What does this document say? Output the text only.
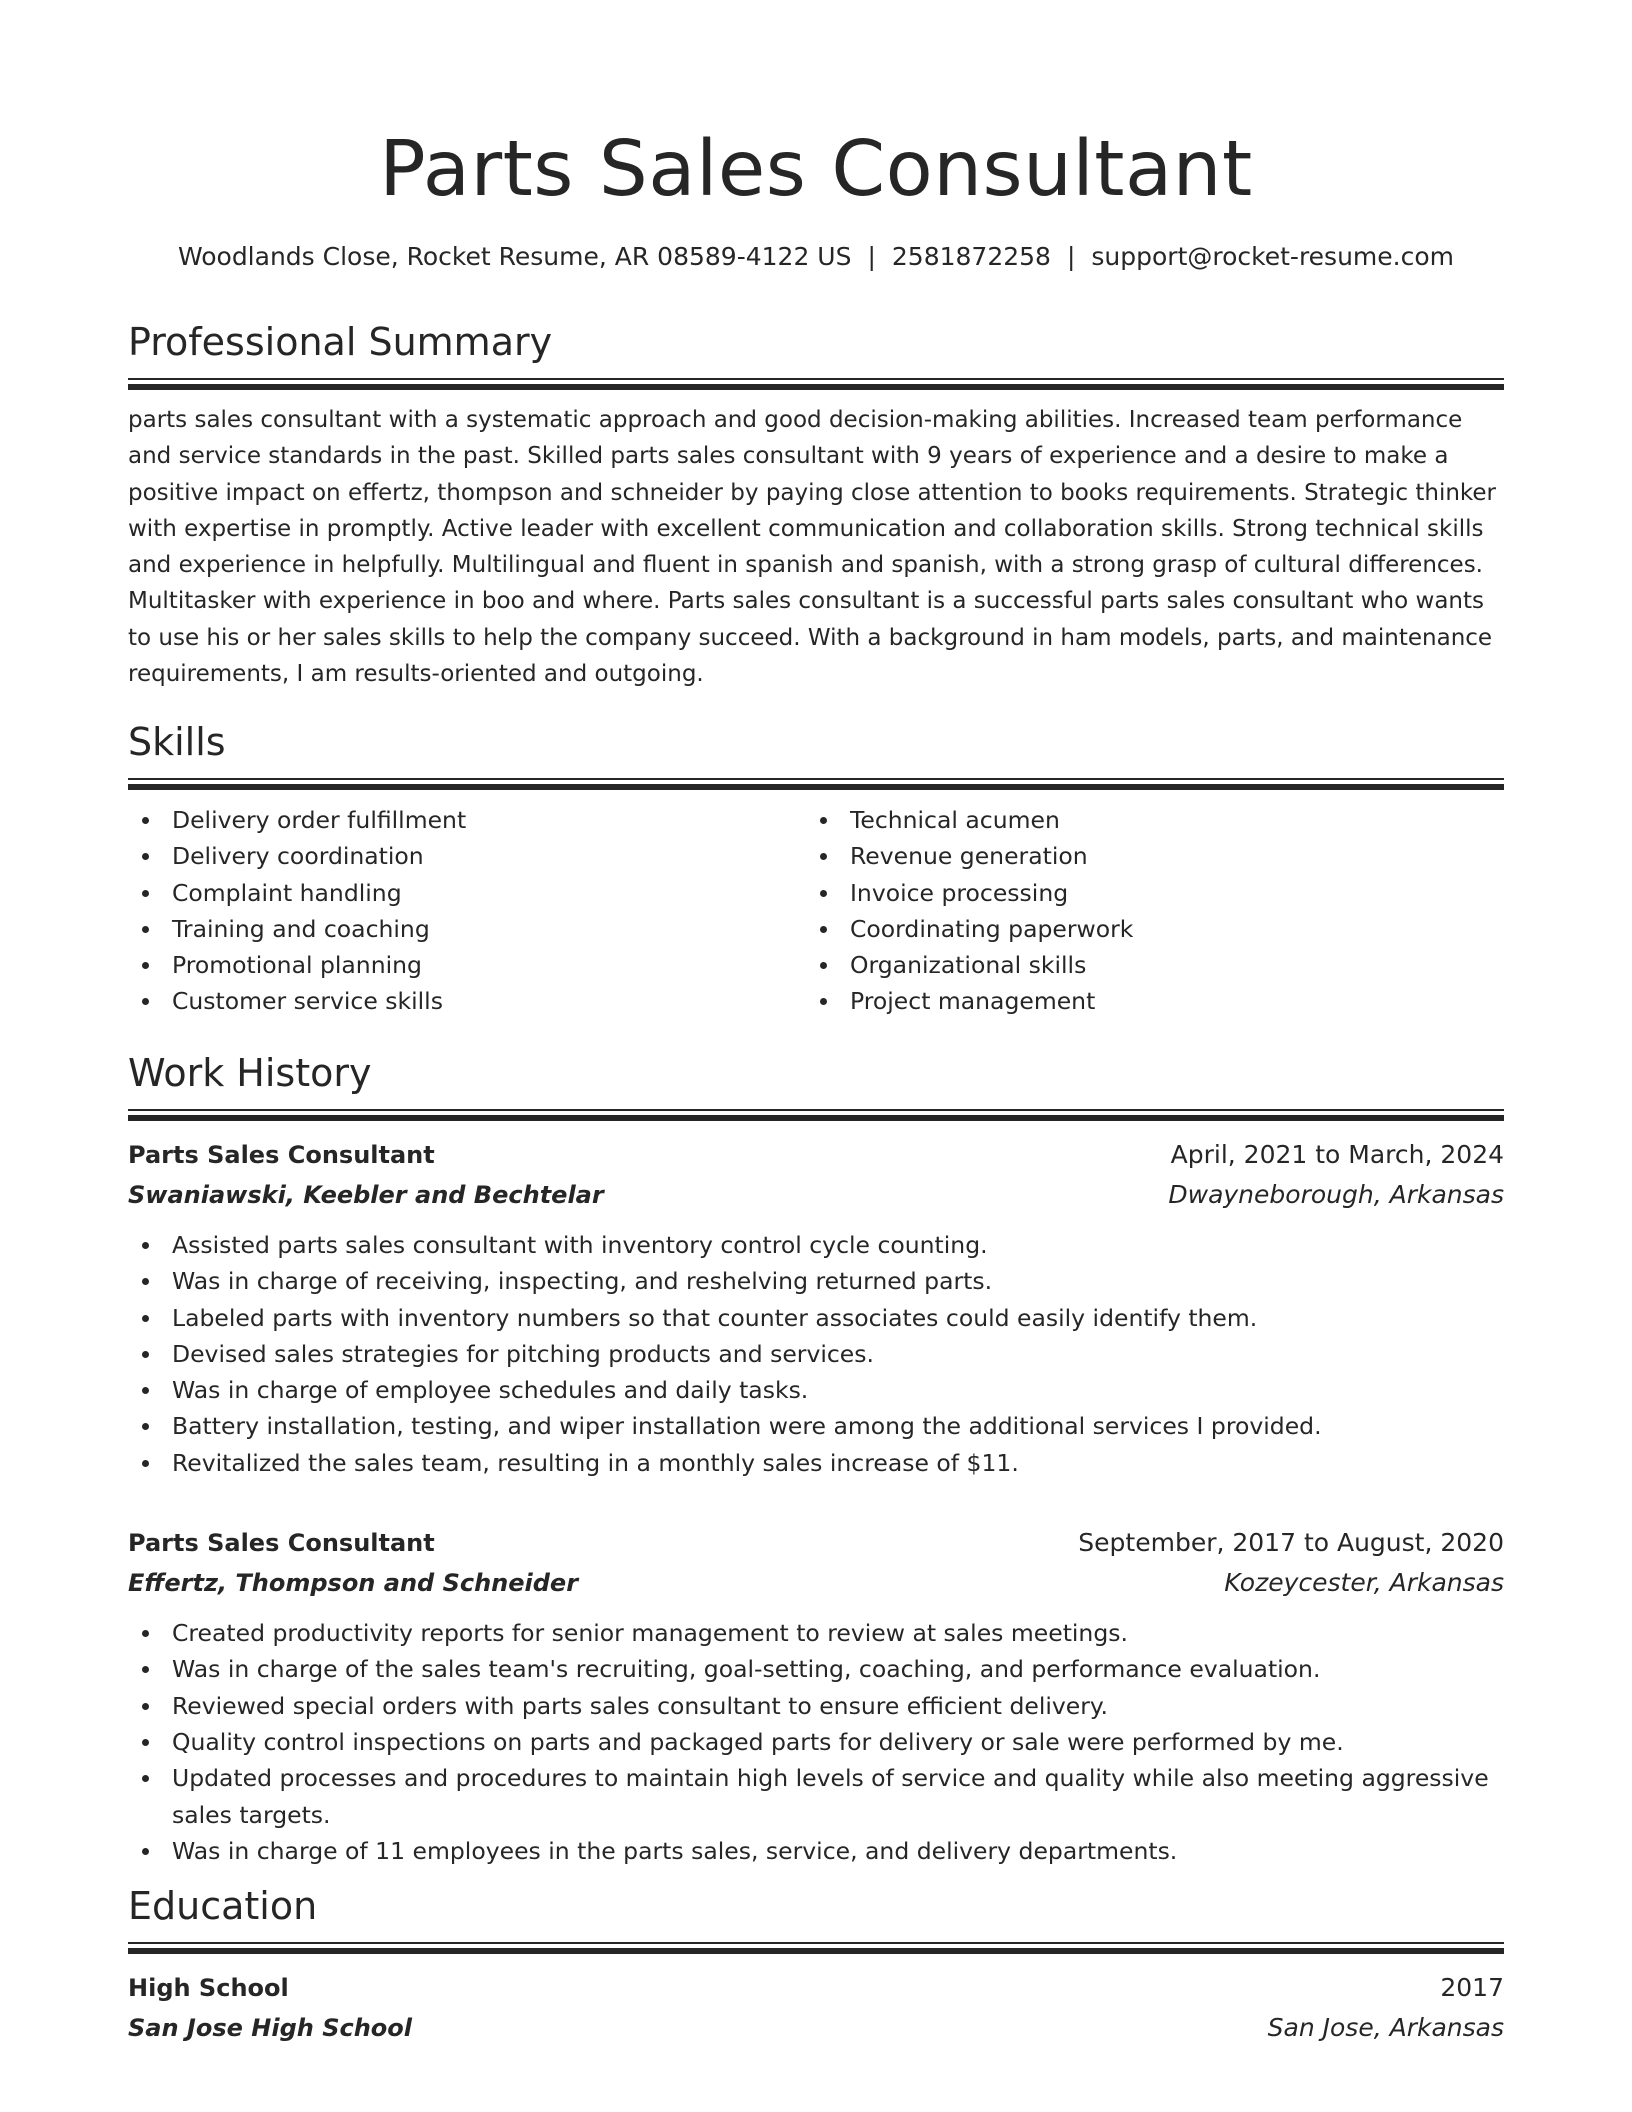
Parts Sales Consultant
Woodlands Close, Rocket Resume, AR 08589-4122 US | 2581872258 | support@rocket-resume.com
Professional Summary
parts sales consultant with a systematic approach and good decision-making abilities. Increased team performance and service standards in the past. Skilled parts sales consultant with 9 years of experience and a desire to make a positive impact on effertz, thompson and schneider by paying close attention to books requirements. Strategic thinker with expertise in promptly. Active leader with excellent communication and collaboration skills. Strong technical skills and experience in helpfully. Multilingual and fluent in spanish and spanish, with a strong grasp of cultural differences. Multitasker with experience in boo and where. Parts sales consultant is a successful parts sales consultant who wants to use his or her sales skills to help the company succeed. With a background in ham models, parts, and maintenance requirements, I am results-oriented and outgoing.
Skills
Delivery order fulfillment
Delivery coordination
Complaint handling
Training and coaching
Promotional planning
Customer service skills
Technical acumen
Revenue generation
Invoice processing
Coordinating paperwork
Organizational skills
Project management
Work History
Parts Sales Consultant	April, 2021 to March, 2024
Swaniawski, Keebler and Bechtelar	Dwayneborough, Arkansas
Assisted parts sales consultant with inventory control cycle counting.
Was in charge of receiving, inspecting, and reshelving returned parts.
Labeled parts with inventory numbers so that counter associates could easily identify them.
Devised sales strategies for pitching products and services.
Was in charge of employee schedules and daily tasks.
Battery installation, testing, and wiper installation were among the additional services I provided.
Revitalized the sales team, resulting in a monthly sales increase of $11.
Parts Sales Consultant	September, 2017 to August, 2020
Effertz, Thompson and Schneider	Kozeycester, Arkansas
Created productivity reports for senior management to review at sales meetings.
Was in charge of the sales team's recruiting, goal-setting, coaching, and performance evaluation.
Reviewed special orders with parts sales consultant to ensure efficient delivery.
Quality control inspections on parts and packaged parts for delivery or sale were performed by me.
Updated processes and procedures to maintain high levels of service and quality while also meeting aggressive sales targets.
Was in charge of 11 employees in the parts sales, service, and delivery departments.
Education
High School	2017
San Jose High School	San Jose, Arkansas
